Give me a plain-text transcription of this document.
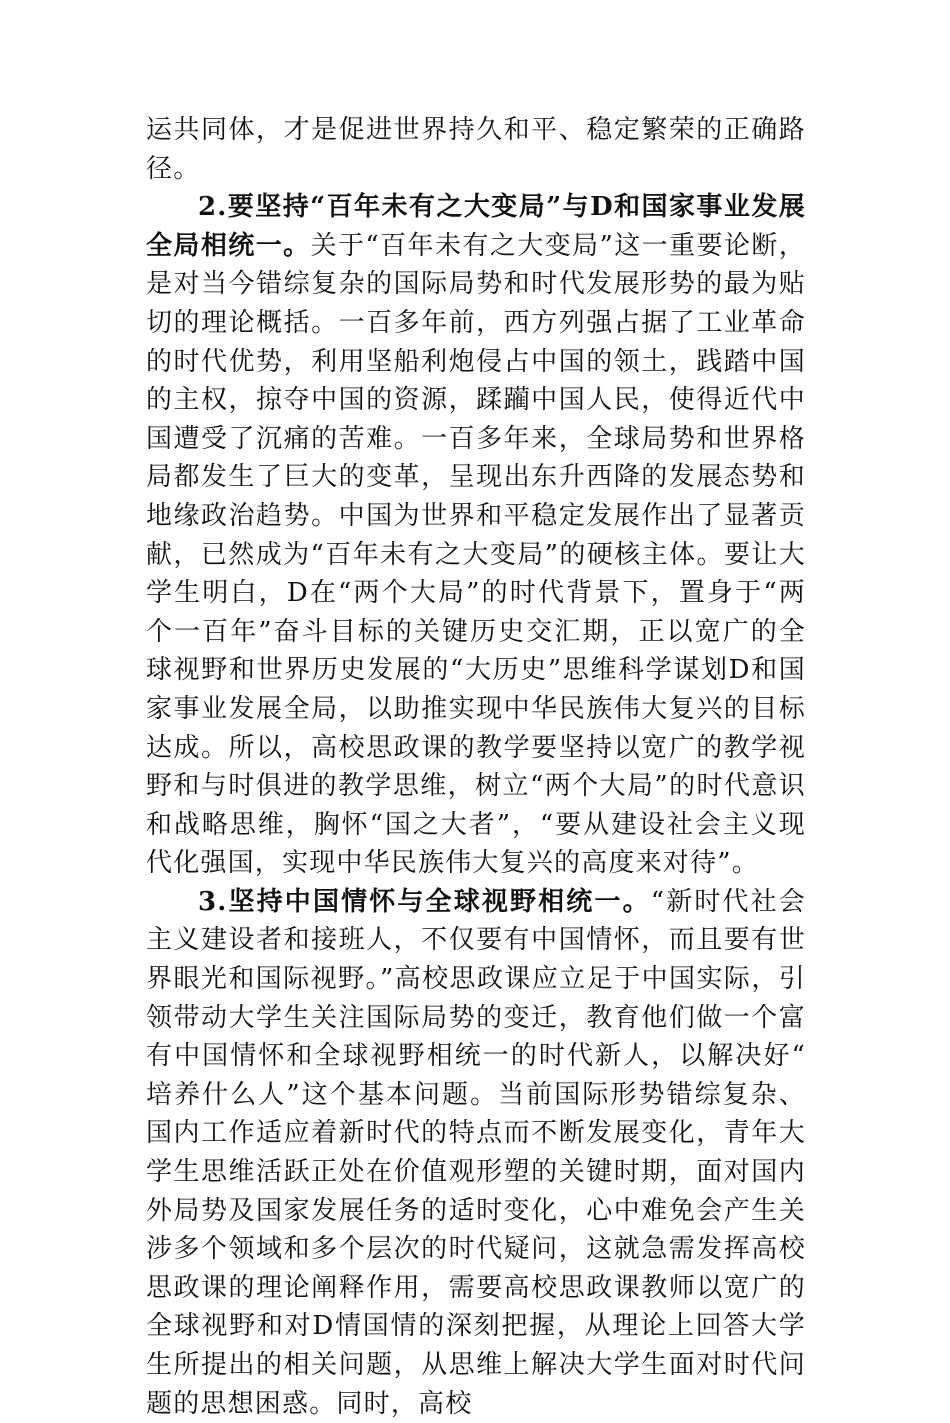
运共同体，才是促进世界持久和平、稳定繁荣的正确路径。

2.要坚持“百年未有之大变局”与D和国家事业发展全局相统一。关于“百年未有之大变局”这一重要论断，是对当今错综复杂的国际局势和时代发展形势的最为贴切的理论概括。一百多年前，西方列强占据了工业革命的时代优势，利用坚船利炮侵占中国的领土，践踏中国的主权，掠夺中国的资源，蹂躏中国人民，使得近代中国遭受了沉痛的苦难。一百多年来，全球局势和世界格局都发生了巨大的变革，呈现出东升西降的发展态势和地缘政治趋势。中国为世界和平稳定发展作出了显著贡献，已然成为“百年未有之大变局”的硬核主体。要让大学生明白，D在“两个大局”的时代背景下，置身于“两个一百年”奋斗目标的关键历史交汇期，正以宽广的全球视野和世界历史发展的“大历史”思维科学谋划D和国家事业发展全局，以助推实现中华民族伟大复兴的目标达成。所以，高校思政课的教学要坚持以宽广的教学视野和与时俱进的教学思维，树立“两个大局”的时代意识和战略思维，胸怀“国之大者”，“要从建设社会主义现代化强国，实现中华民族伟大复兴的高度来对待”。

3.坚持中国情怀与全球视野相统一。“新时代社会主义建设者和接班人，不仅要有中国情怀，而且要有世界眼光和国际视野。”高校思政课应立足于中国实际，引领带动大学生关注国际局势的变迁，教育他们做一个富有中国情怀和全球视野相统一的时代新人，以解决好“培养什么人”这个基本问题。当前国际形势错综复杂、国内工作适应着新时代的特点而不断发展变化，青年大学生思维活跃正处在价值观形塑的关键时期，面对国内外局势及国家发展任务的适时变化，心中难免会产生关涉多个领域和多个层次的时代疑问，这就急需发挥高校思政课的理论阐释作用，需要高校思政课教师以宽广的全球视野和对D情国情的深刻把握，从理论上回答大学生所提出的相关问题，从思维上解决大学生面对时代问题的思想困惑。同时，高校
